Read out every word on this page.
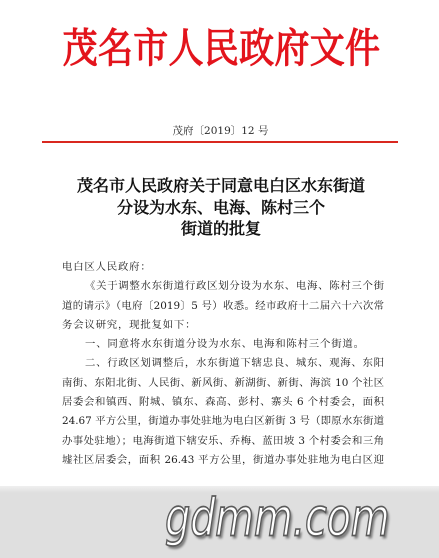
茂名市人民政府文件
茂府〔2019〕12 号
茂名市人民政府关于同意电白区水东街道
分设为水东、电海、陈村三个
街道的批复
电白区人民政府：
《关于调整水东街道行政区划分设为水东、电海、陈村三个街
道的请示》（电府〔2019〕5 号）收悉。经市政府十二届六十六次常
务会议研究，现批复如下：
一、同意将水东街道分设为水东、电海和陈村三个街道。
二、行政区划调整后，水东街道下辖忠良、城东、观海、东阳
南街、东阳北街、人民街、新风街、新湖街、新街、海滨 10 个社区
居委会和镇西、附城、镇东、森高、彭村、寨头 6 个村委会，面积
24.67 平方公里，街道办事处驻地为电白区新街 3 号（即原水东街道
办事处驻地）；电海街道下辖安乐、乔梅、蓝田坡 3 个村委会和三角
墟社区居委会，面积 26.43 平方公里，街道办事处驻地为电白区迎
gdmm.com
